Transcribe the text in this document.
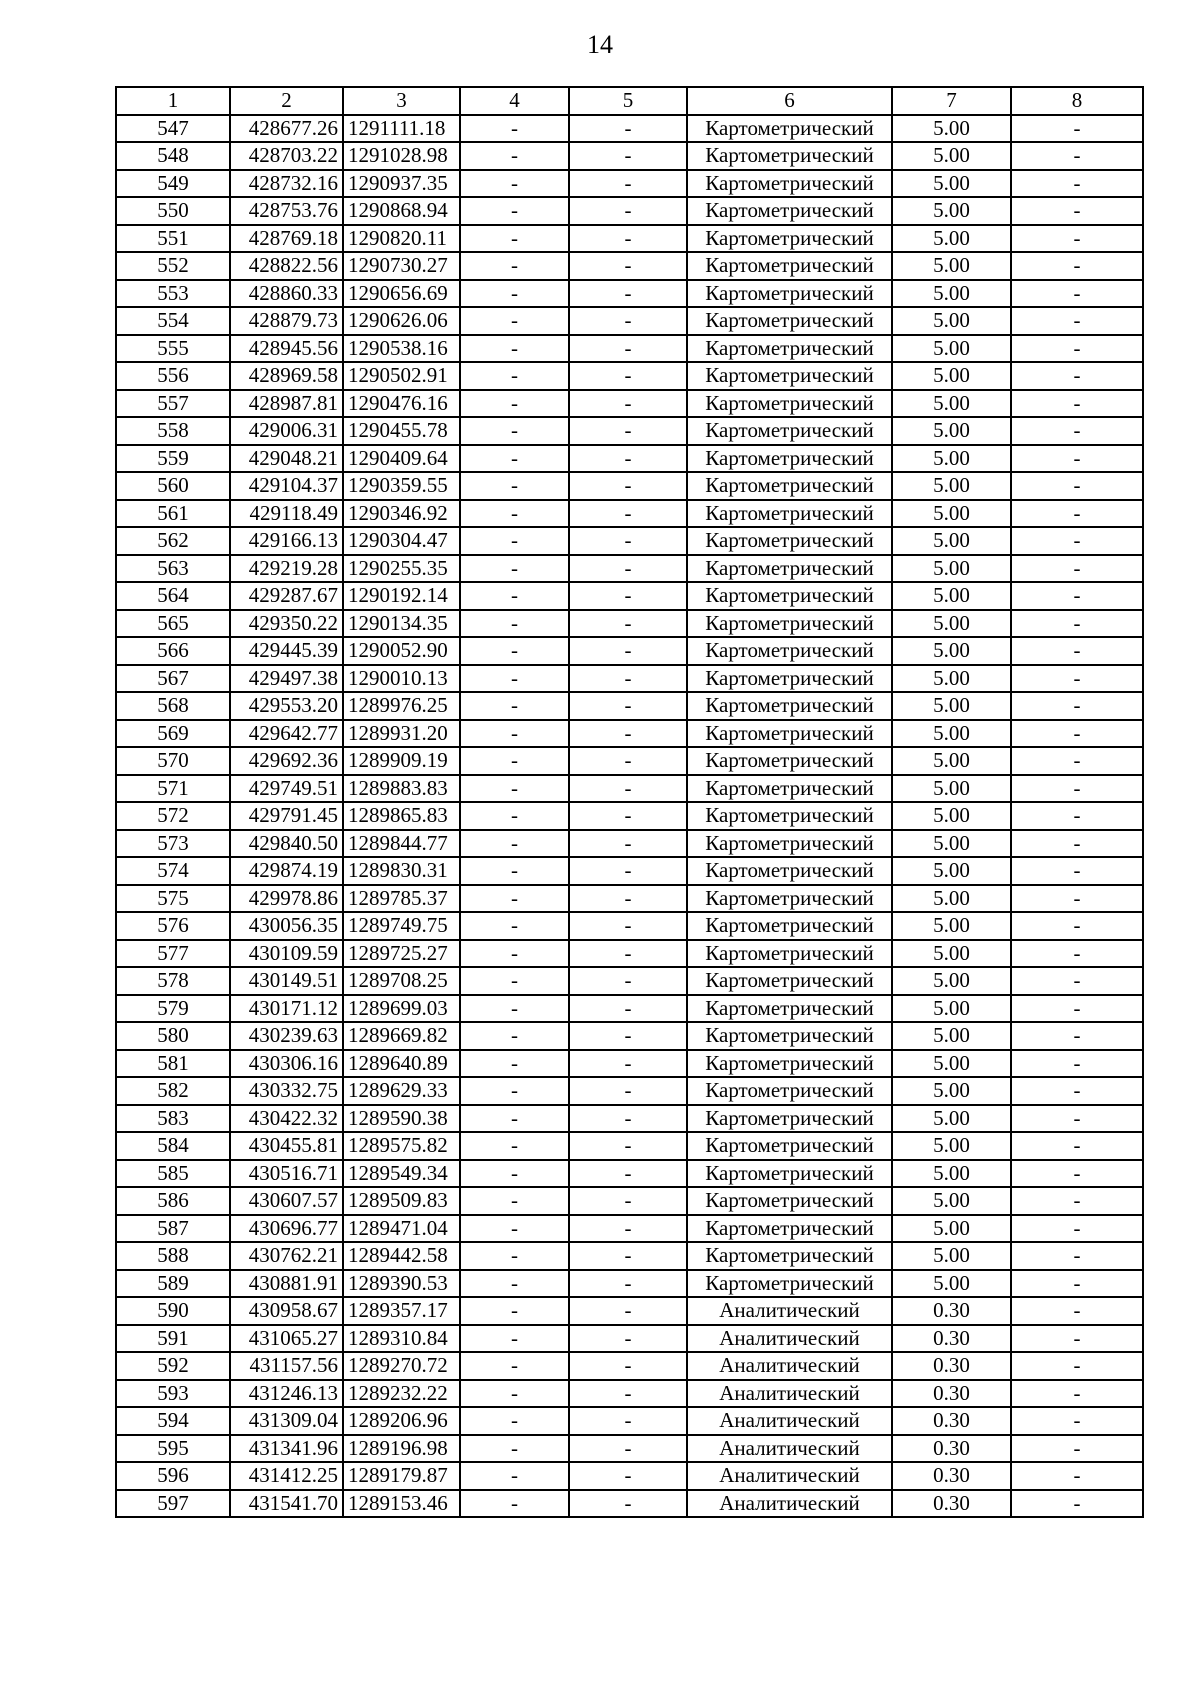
14
1	2	3	4	5	6	7	8
547	428677.26	1291111.18	-	-	Картометрический	5.00	-
548	428703.22	1291028.98	-	-	Картометрический	5.00	-
549	428732.16	1290937.35	-	-	Картометрический	5.00	-
550	428753.76	1290868.94	-	-	Картометрический	5.00	-
551	428769.18	1290820.11	-	-	Картометрический	5.00	-
552	428822.56	1290730.27	-	-	Картометрический	5.00	-
553	428860.33	1290656.69	-	-	Картометрический	5.00	-
554	428879.73	1290626.06	-	-	Картометрический	5.00	-
555	428945.56	1290538.16	-	-	Картометрический	5.00	-
556	428969.58	1290502.91	-	-	Картометрический	5.00	-
557	428987.81	1290476.16	-	-	Картометрический	5.00	-
558	429006.31	1290455.78	-	-	Картометрический	5.00	-
559	429048.21	1290409.64	-	-	Картометрический	5.00	-
560	429104.37	1290359.55	-	-	Картометрический	5.00	-
561	429118.49	1290346.92	-	-	Картометрический	5.00	-
562	429166.13	1290304.47	-	-	Картометрический	5.00	-
563	429219.28	1290255.35	-	-	Картометрический	5.00	-
564	429287.67	1290192.14	-	-	Картометрический	5.00	-
565	429350.22	1290134.35	-	-	Картометрический	5.00	-
566	429445.39	1290052.90	-	-	Картометрический	5.00	-
567	429497.38	1290010.13	-	-	Картометрический	5.00	-
568	429553.20	1289976.25	-	-	Картометрический	5.00	-
569	429642.77	1289931.20	-	-	Картометрический	5.00	-
570	429692.36	1289909.19	-	-	Картометрический	5.00	-
571	429749.51	1289883.83	-	-	Картометрический	5.00	-
572	429791.45	1289865.83	-	-	Картометрический	5.00	-
573	429840.50	1289844.77	-	-	Картометрический	5.00	-
574	429874.19	1289830.31	-	-	Картометрический	5.00	-
575	429978.86	1289785.37	-	-	Картометрический	5.00	-
576	430056.35	1289749.75	-	-	Картометрический	5.00	-
577	430109.59	1289725.27	-	-	Картометрический	5.00	-
578	430149.51	1289708.25	-	-	Картометрический	5.00	-
579	430171.12	1289699.03	-	-	Картометрический	5.00	-
580	430239.63	1289669.82	-	-	Картометрический	5.00	-
581	430306.16	1289640.89	-	-	Картометрический	5.00	-
582	430332.75	1289629.33	-	-	Картометрический	5.00	-
583	430422.32	1289590.38	-	-	Картометрический	5.00	-
584	430455.81	1289575.82	-	-	Картометрический	5.00	-
585	430516.71	1289549.34	-	-	Картометрический	5.00	-
586	430607.57	1289509.83	-	-	Картометрический	5.00	-
587	430696.77	1289471.04	-	-	Картометрический	5.00	-
588	430762.21	1289442.58	-	-	Картометрический	5.00	-
589	430881.91	1289390.53	-	-	Картометрический	5.00	-
590	430958.67	1289357.17	-	-	Аналитический	0.30	-
591	431065.27	1289310.84	-	-	Аналитический	0.30	-
592	431157.56	1289270.72	-	-	Аналитический	0.30	-
593	431246.13	1289232.22	-	-	Аналитический	0.30	-
594	431309.04	1289206.96	-	-	Аналитический	0.30	-
595	431341.96	1289196.98	-	-	Аналитический	0.30	-
596	431412.25	1289179.87	-	-	Аналитический	0.30	-
597	431541.70	1289153.46	-	-	Аналитический	0.30	-
